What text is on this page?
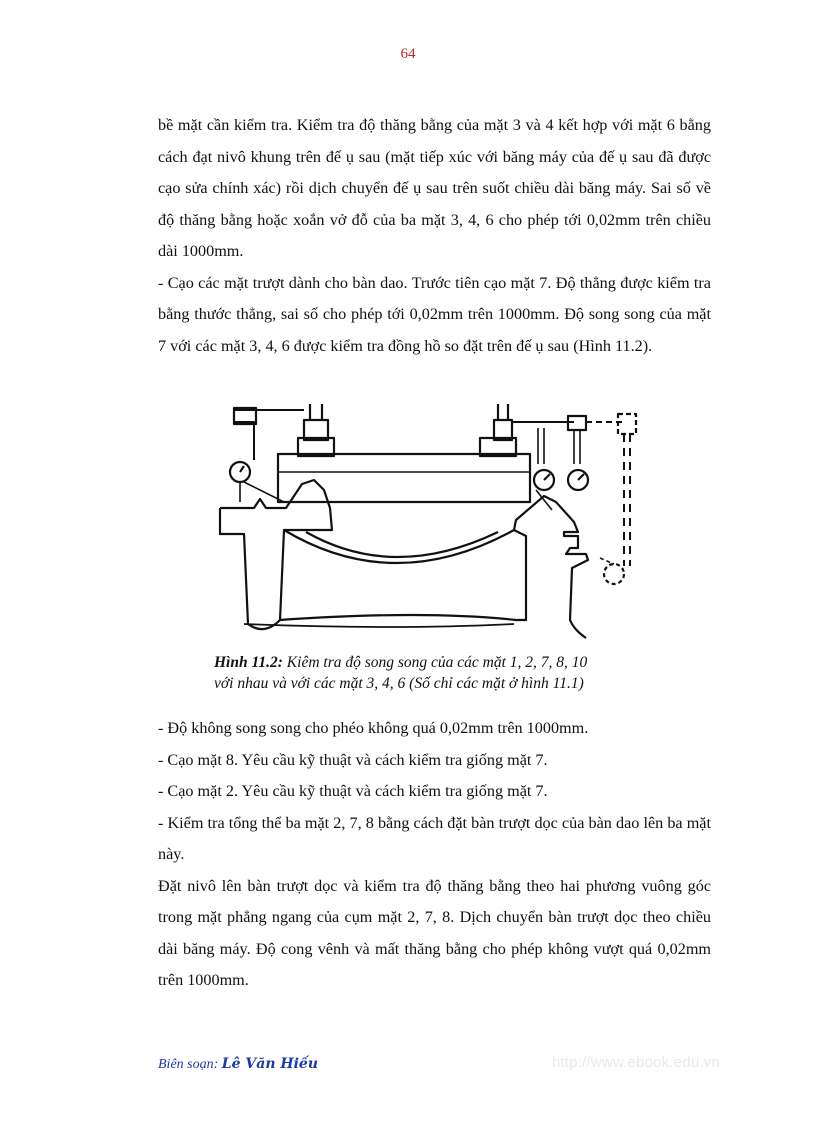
64

bề mặt cần kiểm tra. Kiểm tra độ thăng bằng của mặt 3 và 4 kết hợp với mặt 6 bằng cách đạt nivô khung trên đế ụ sau (mặt tiếp xúc với băng máy của đế ụ sau đã được cạo sửa chính xác) rồi dịch chuyển đế ụ sau trên suốt chiều dài băng máy. Sai số về độ thăng bằng hoặc xoắn vở đỗ của ba mặt 3, 4, 6 cho phép tới 0,02mm trên chiều dài 1000mm.

- Cạo các mặt trượt dành cho bàn dao. Trước tiên cạo mặt 7. Độ thẳng được kiểm tra bằng thước thẳng, sai số cho phép tới 0,02mm trên 1000mm. Độ song song của mặt 7 với các mặt 3, 4, 6 được kiểm tra đồng hồ so đặt trên đế ụ sau (Hình 11.2).

Hình 11.2: Kiêm tra độ song song của các mặt 1, 2, 7, 8, 10
với nhau và với các mặt 3, 4, 6 (Số chỉ các mặt ở hình 11.1)

- Độ không song song cho phéo không quá 0,02mm trên 1000mm.

- Cạo mặt 8. Yêu cầu kỹ thuật và cách kiểm tra giống mặt 7.

- Cạo mặt 2. Yêu cầu kỹ thuật và cách kiểm tra giống mặt 7.

- Kiểm tra tổng thể ba mặt 2, 7, 8 bằng cách đặt bàn trượt dọc của bàn dao lên ba mặt này.

Đặt nivô lên bàn trượt dọc và kiểm tra độ thăng bằng theo hai phương vuông góc trong mặt phẳng ngang của cụm mặt 2, 7, 8. Dịch chuyển bàn trượt dọc theo chiều dài băng máy. Độ cong vênh và mất thăng bằng cho phép không vượt quá 0,02mm trên 1000mm.

Biên soạn: Lê Văn Hiếu	http://www.ebook.edu.vn
